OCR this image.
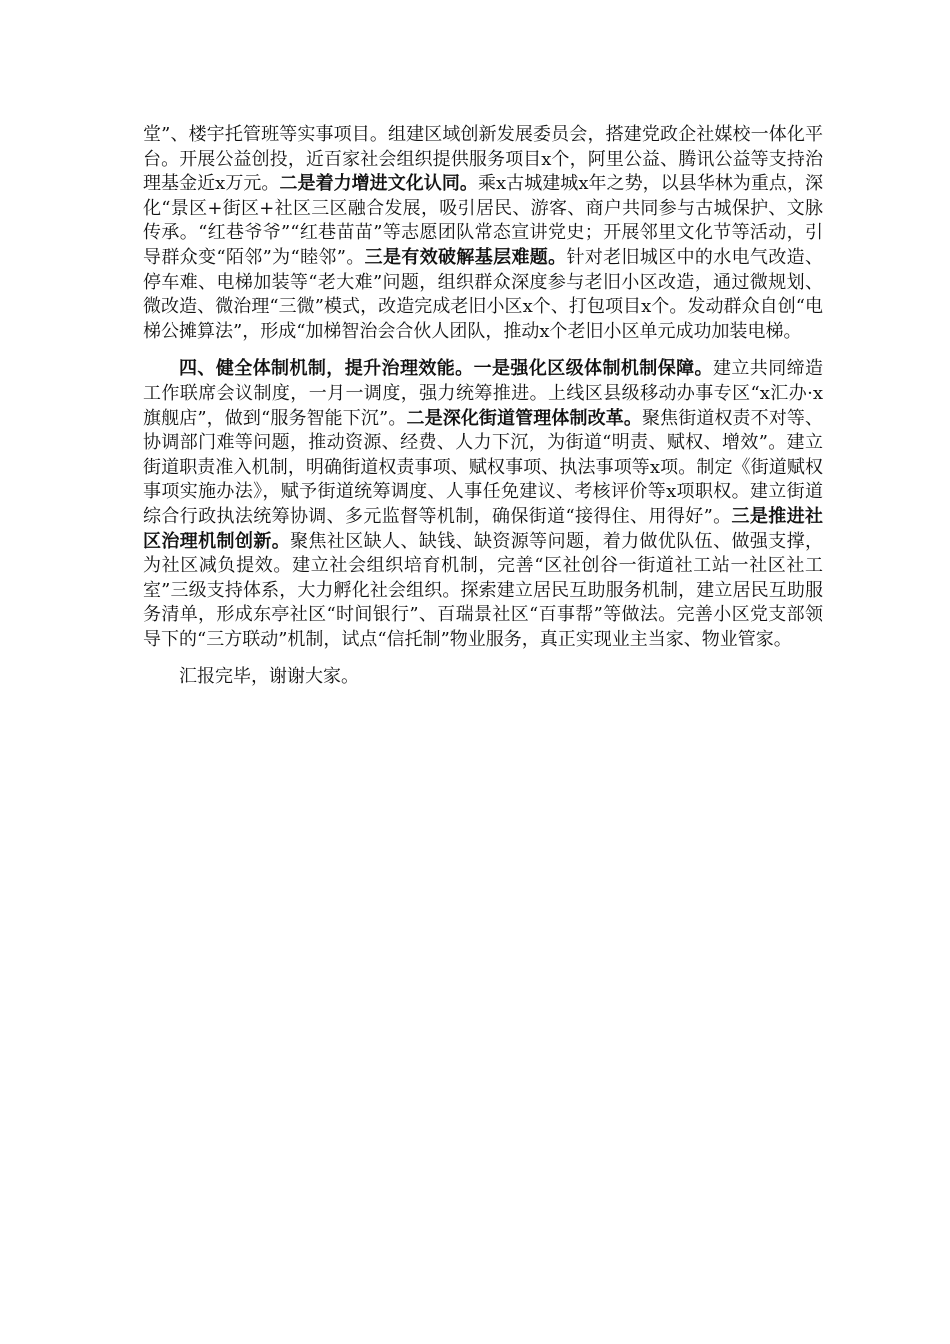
堂”、楼宇托管班等实事项目。组建区域创新发展委员会，搭建党政企社媒校一体化平台。开展公益创投，近百家社会组织提供服务项目x个，阿里公益、腾讯公益等支持治理基金近x万元。二是着力增进文化认同。乘x古城建城x年之势，以县华林为重点，深化“景区+街区+社区三区融合发展，吸引居民、游客、商户共同参与古城保护、文脉传承。“红巷爷爷”“红巷苗苗”等志愿团队常态宣讲党史；开展邻里文化节等活动，引导群众变“陌邻”为“睦邻”。三是有效破解基层难题。针对老旧城区中的水电气改造、停车难、电梯加装等“老大难”问题，组织群众深度参与老旧小区改造，通过微规划、微改造、微治理“三微”模式，改造完成老旧小区x个、打包项目x个。发动群众自创“电梯公摊算法”，形成“加梯智治会合伙人团队，推动x个老旧小区单元成功加装电梯。

四、健全体制机制，提升治理效能。一是强化区级体制机制保障。建立共同缔造工作联席会议制度，一月一调度，强力统筹推进。上线区县级移动办事专区“x汇办·x旗舰店”，做到“服务智能下沉”。二是深化街道管理体制改革。聚焦街道权责不对等、协调部门难等问题，推动资源、经费、人力下沉，为街道“明责、赋权、增效”。建立街道职责准入机制，明确街道权责事项、赋权事项、执法事项等x项。制定《街道赋权事项实施办法》，赋予街道统筹调度、人事任免建议、考核评价等x项职权。建立街道综合行政执法统筹协调、多元监督等机制，确保街道“接得住、用得好”。三是推进社区治理机制创新。聚焦社区缺人、缺钱、缺资源等问题，着力做优队伍、做强支撑，为社区减负提效。建立社会组织培育机制，完善“区社创谷一街道社工站一社区社工室”三级支持体系，大力孵化社会组织。探索建立居民互助服务机制，建立居民互助服务清单，形成东亭社区“时间银行”、百瑞景社区“百事帮”等做法。完善小区党支部领导下的“三方联动”机制，试点“信托制”物业服务，真正实现业主当家、物业管家。

汇报完毕，谢谢大家。
